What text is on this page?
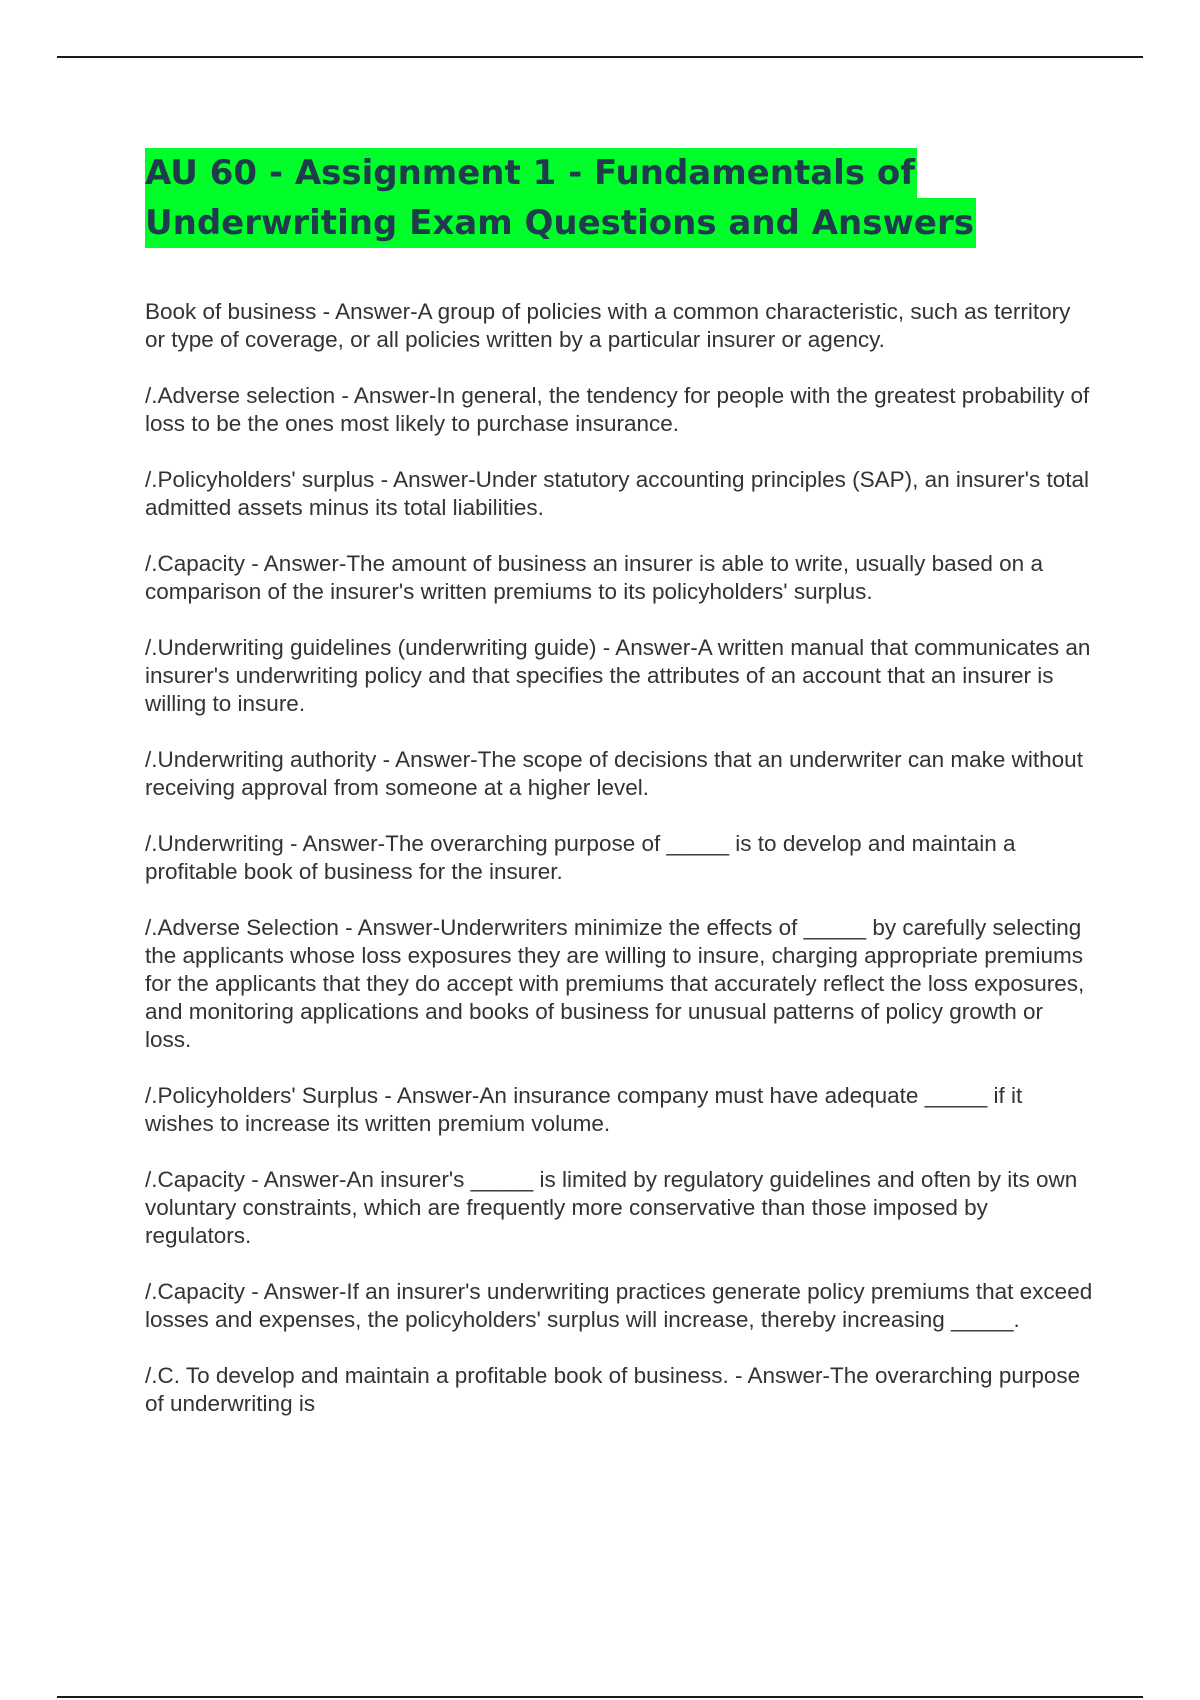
AU 60 - Assignment 1 - Fundamentals of
Underwriting Exam Questions and Answers

Book of business - Answer-A group of policies with a common characteristic, such as territory or type of coverage, or all policies written by a particular insurer or agency.

/.Adverse selection - Answer-In general, the tendency for people with the greatest probability of loss to be the ones most likely to purchase insurance.

/.Policyholders' surplus - Answer-Under statutory accounting principles (SAP), an insurer's total admitted assets minus its total liabilities.

/.Capacity - Answer-The amount of business an insurer is able to write, usually based on a comparison of the insurer's written premiums to its policyholders' surplus.

/.Underwriting guidelines (underwriting guide) - Answer-A written manual that communicates an insurer's underwriting policy and that specifies the attributes of an account that an insurer is willing to insure.

/.Underwriting authority - Answer-The scope of decisions that an underwriter can make without receiving approval from someone at a higher level.

/.Underwriting - Answer-The overarching purpose of _____ is to develop and maintain a profitable book of business for the insurer.

/.Adverse Selection - Answer-Underwriters minimize the effects of _____ by carefully selecting the applicants whose loss exposures they are willing to insure, charging appropriate premiums for the applicants that they do accept with premiums that accurately reflect the loss exposures, and monitoring applications and books of business for unusual patterns of policy growth or loss.

/.Policyholders' Surplus - Answer-An insurance company must have adequate _____ if it wishes to increase its written premium volume.

/.Capacity - Answer-An insurer's _____ is limited by regulatory guidelines and often by its own voluntary constraints, which are frequently more conservative than those imposed by regulators.

/.Capacity - Answer-If an insurer's underwriting practices generate policy premiums that exceed losses and expenses, the policyholders' surplus will increase, thereby increasing _____.

/.C. To develop and maintain a profitable book of business. - Answer-The overarching purpose of underwriting is
